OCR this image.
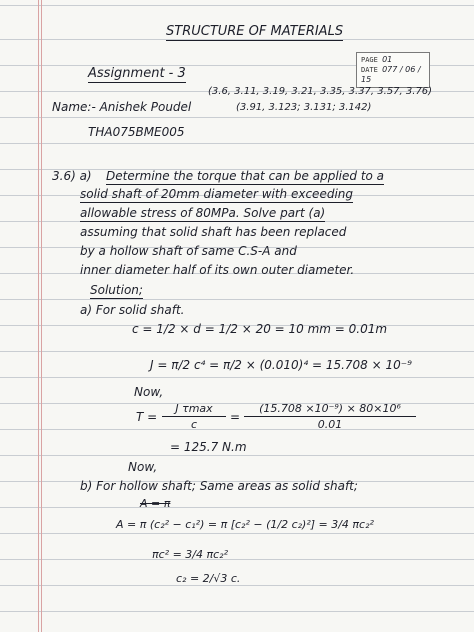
STRUCTURE OF MATERIALS
PAGE 01
DATE 077 / 06 / 15
Assignment - 3
(3.6, 3.11, 3.19, 3.21, 3.35, 3.37, 3.57, 3.76)
Name:- Anishek Poudel	(3.91, 3.123; 3.131; 3.142)
THA075BME005
3.6) a) Determine the torque that can be applied to a
solid shaft of 20mm diameter with exceeding
allowable stress of 80MPa. Solve part (a)
assuming that solid shaft has been replaced
by a hollow shaft of same C.S-A and
inner diameter half of its own outer diameter.
Solution;
a) For solid shaft.
c = 1/2 × d = 1/2 × 20 = 10 mm = 0.01m
J = π/2 c⁴ = π/2 × (0.010)⁴ = 15.708 × 10⁻⁹
Now,
T =
J τmax
c
=
(15.708 ×10⁻⁹) × 80×10⁶
0.01
= 125.7 N.m
Now,
b) For hollow shaft; Same areas as solid shaft;
A = π
A = π (c₂² − c₁²) = π [c₂² − (1/2 c₂)²] = 3/4 πc₂²
πc² = 3/4 πc₂²
c₂ = 2/√3 c.
